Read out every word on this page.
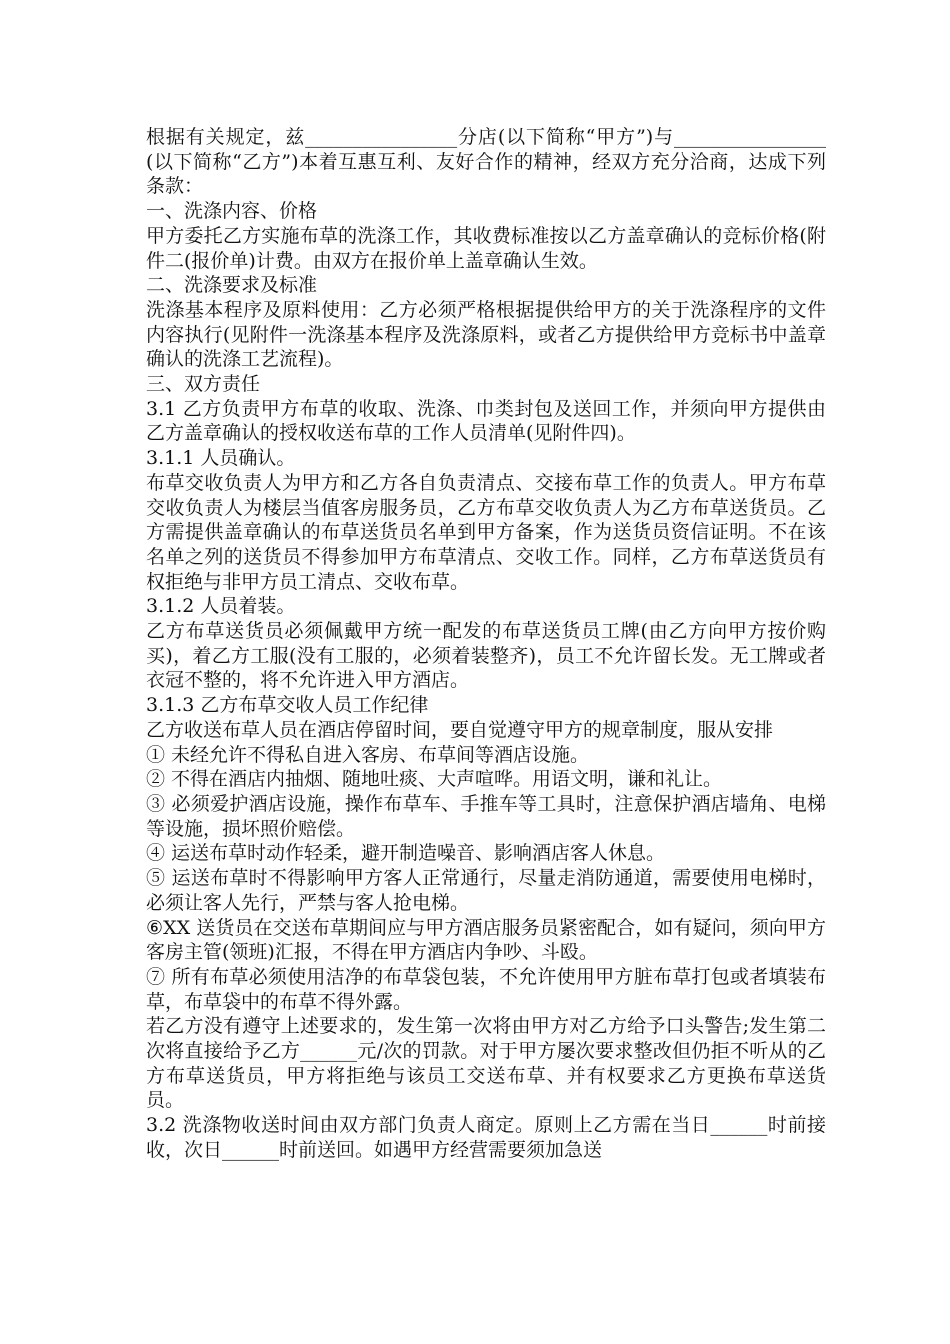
根据有关规定，兹________________分店(以下简称“甲方”)与________________(以下简称“乙方”)本着互惠互利、友好合作的精神，经双方充分洽商，达成下列条款：

一、洗涤内容、价格

甲方委托乙方实施布草的洗涤工作，其收费标准按以乙方盖章确认的竞标价格(附件二(报价单)计费。由双方在报价单上盖章确认生效。

二、洗涤要求及标准

洗涤基本程序及原料使用：乙方必须严格根据提供给甲方的关于洗涤程序的文件内容执行(见附件一洗涤基本程序及洗涤原料，或者乙方提供给甲方竞标书中盖章确认的洗涤工艺流程)。

三、双方责任

3.1 乙方负责甲方布草的收取、洗涤、巾类封包及送回工作，并须向甲方提供由乙方盖章确认的授权收送布草的工作人员清单(见附件四)。

3.1.1 人员确认。

布草交收负责人为甲方和乙方各自负责清点、交接布草工作的负责人。甲方布草交收负责人为楼层当值客房服务员，乙方布草交收负责人为乙方布草送货员。乙方需提供盖章确认的布草送货员名单到甲方备案，作为送货员资信证明。不在该名单之列的送货员不得参加甲方布草清点、交收工作。同样，乙方布草送货员有权拒绝与非甲方员工清点、交收布草。

3.1.2 人员着装。

乙方布草送货员必须佩戴甲方统一配发的布草送货员工牌(由乙方向甲方按价购买)，着乙方工服(没有工服的，必须着装整齐)，员工不允许留长发。无工牌或者衣冠不整的，将不允许进入甲方酒店。

3.1.3 乙方布草交收人员工作纪律

乙方收送布草人员在酒店停留时间，要自觉遵守甲方的规章制度，服从安排

① 未经允许不得私自进入客房、布草间等酒店设施。

② 不得在酒店内抽烟、随地吐痰、大声喧哗。用语文明，谦和礼让。

③ 必须爱护酒店设施，操作布草车、手推车等工具时，注意保护酒店墙角、电梯等设施，损坏照价赔偿。

④ 运送布草时动作轻柔，避开制造噪音、影响酒店客人休息。

⑤ 运送布草时不得影响甲方客人正常通行，尽量走消防通道，需要使用电梯时，必须让客人先行，严禁与客人抢电梯。

⑥XX 送货员在交送布草期间应与甲方酒店服务员紧密配合，如有疑问，须向甲方客房主管(领班)汇报，不得在甲方酒店内争吵、斗殴。

⑦ 所有布草必须使用洁净的布草袋包装，不允许使用甲方脏布草打包或者填装布草，布草袋中的布草不得外露。

若乙方没有遵守上述要求的，发生第一次将由甲方对乙方给予口头警告;发生第二次将直接给予乙方______元/次的罚款。对于甲方屡次要求整改但仍拒不听从的乙方布草送货员，甲方将拒绝与该员工交送布草、并有权要求乙方更换布草送货员。

3.2 洗涤物收送时间由双方部门负责人商定。原则上乙方需在当日______时前接收，次日______时前送回。如遇甲方经营需要须加急送
